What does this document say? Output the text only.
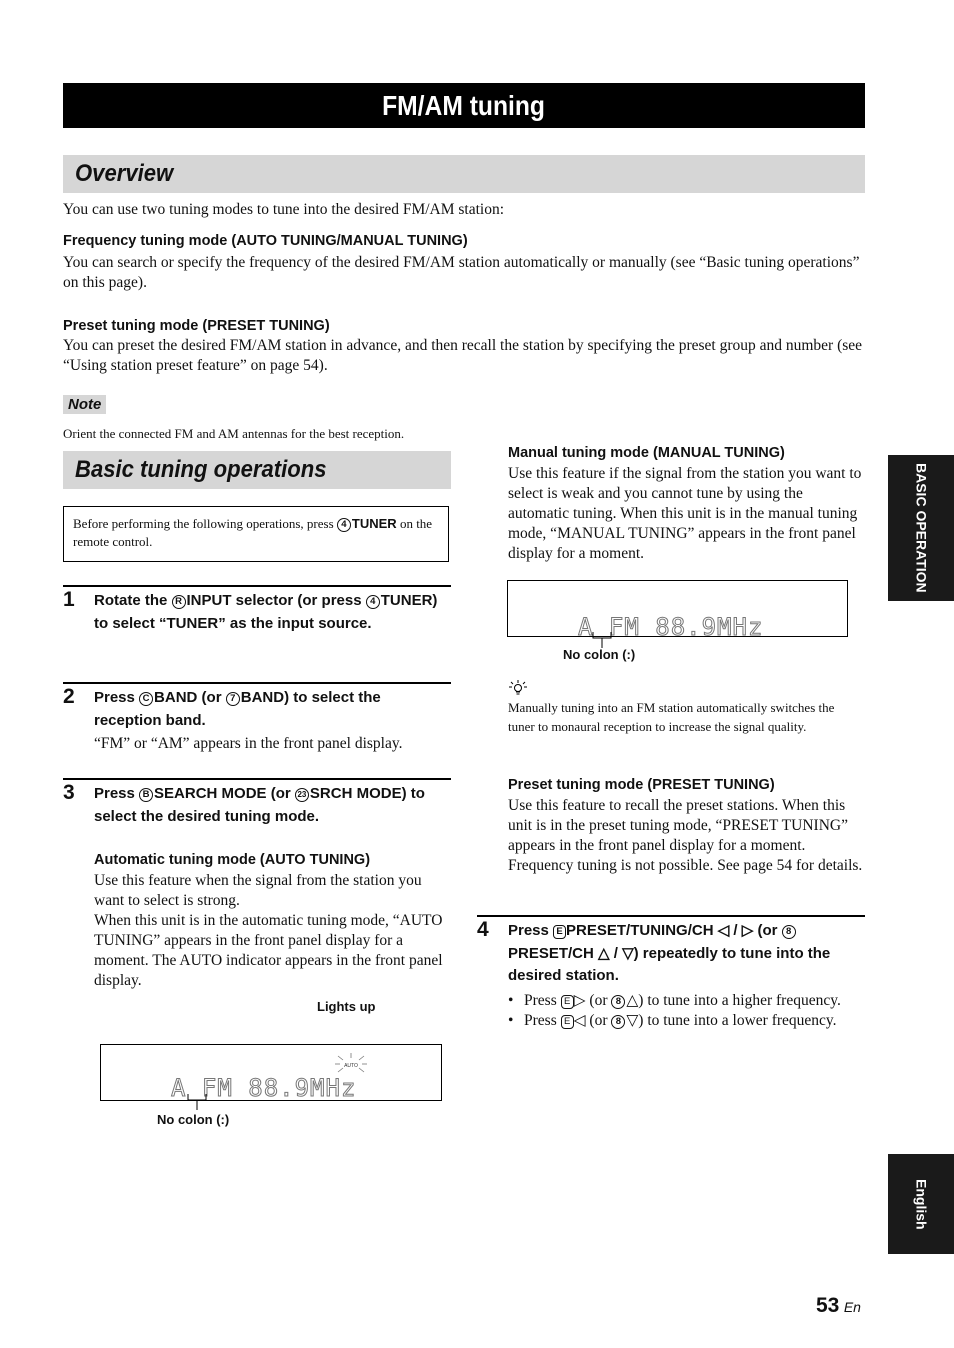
FM/AM tuning
Overview
You can use two tuning modes to tune into the desired FM/AM station:
Frequency tuning mode (AUTO TUNING/MANUAL TUNING)
You can search or specify the frequency of the desired FM/AM station automatically or manually (see “Basic tuning operations” on this page).
Preset tuning mode (PRESET TUNING)
You can preset the desired FM/AM station in advance, and then recall the station by specifying the preset group and number (see “Using station preset feature” on page 54).
Note
Orient the connected FM and AM antennas for the best reception.
Basic tuning operations
Before performing the following operations, press 4 TUNER on the remote control.
1 Rotate the R INPUT selector (or press 4 TUNER) to select “TUNER” as the input source.
2 Press C BAND (or 7 BAND) to select the reception band.
“FM” or “AM” appears in the front panel display.
3 Press B SEARCH MODE (or 23 SRCH MODE) to select the desired tuning mode.
Automatic tuning mode (AUTO TUNING)
Use this feature when the signal from the station you want to select is strong.
When this unit is in the automatic tuning mode, “AUTO TUNING” appears in the front panel display for a moment. The AUTO indicator appears in the front panel display.
Lights up
A FM 88.9MHz
AUTO
No colon (:)
Manual tuning mode (MANUAL TUNING)
Use this feature if the signal from the station you want to select is weak and you cannot tune by using the automatic tuning. When this unit is in the manual tuning mode, “MANUAL TUNING” appears in the front panel display for a moment.
A FM 88.9MHz
No colon (:)
Manually tuning into an FM station automatically switches the tuner to monaural reception to increase the signal quality.
Preset tuning mode (PRESET TUNING)
Use this feature to recall the preset stations. When this unit is in the preset tuning mode, “PRESET TUNING” appears in the front panel display for a moment. Frequency tuning is not possible. See page 54 for details.
4 Press E PRESET/TUNING/CH ◁ / ▷ (or 8PRESET/CH △ / ▽) repeatedly to tune into the desired station.
• Press E ▷ (or 8 △) to tune into a higher frequency.
• Press E ◁ (or 8 ▽) to tune into a lower frequency.
BASIC OPERATION
English
53 En
